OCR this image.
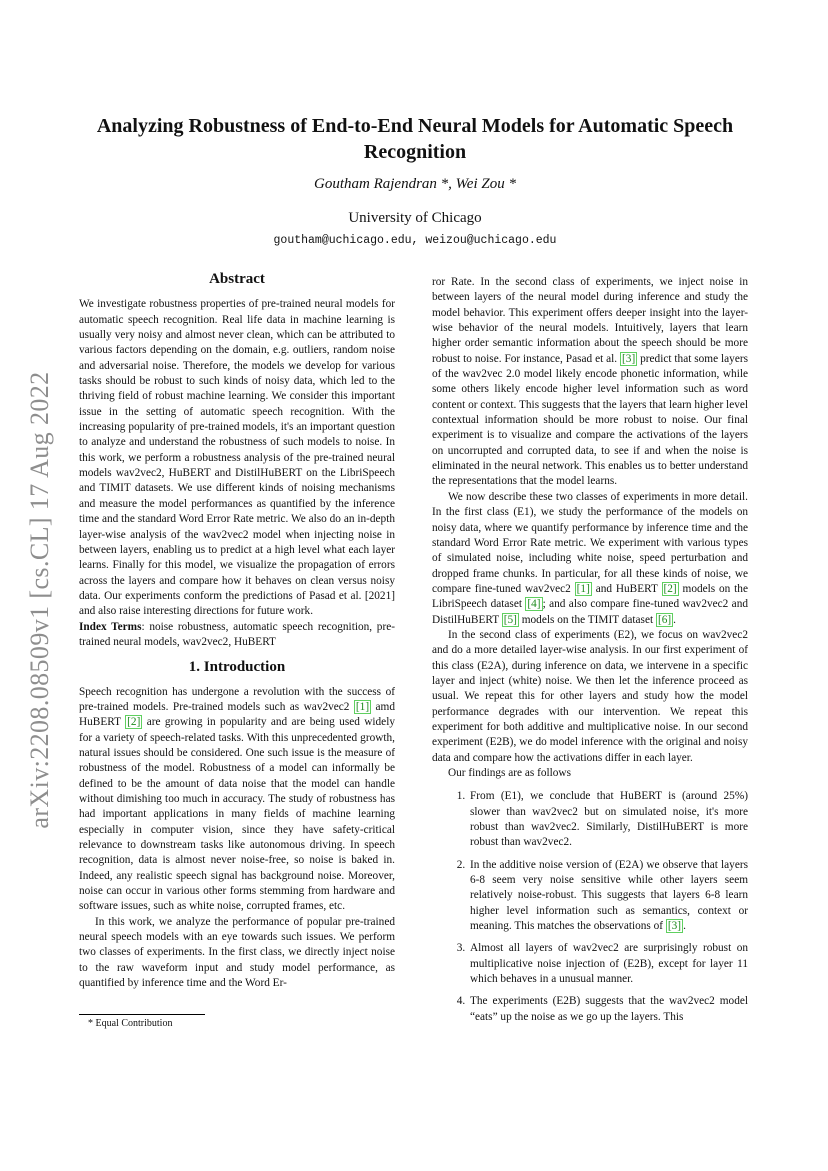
arXiv:2208.08509v1 [cs.CL] 17 Aug 2022
Analyzing Robustness of End-to-End Neural Models for Automatic Speech Recognition
Goutham Rajendran *, Wei Zou *
University of Chicago
goutham@uchicago.edu, weizou@uchicago.edu
Abstract

We investigate robustness properties of pre-trained neural models for automatic speech recognition. Real life data in machine learning is usually very noisy and almost never clean, which can be attributed to various factors depending on the domain, e.g. outliers, random noise and adversarial noise. Therefore, the models we develop for various tasks should be robust to such kinds of noisy data, which led to the thriving field of robust machine learning. We consider this important issue in the setting of automatic speech recognition. With the increasing popularity of pre-trained models, it's an important question to analyze and understand the robustness of such models to noise. In this work, we perform a robustness analysis of the pre-trained neural models wav2vec2, HuBERT and DistilHuBERT on the LibriSpeech and TIMIT datasets. We use different kinds of noising mechanisms and measure the model performances as quantified by the inference time and the standard Word Error Rate metric. We also do an in-depth layer-wise analysis of the wav2vec2 model when injecting noise in between layers, enabling us to predict at a high level what each layer learns. Finally for this model, we visualize the propagation of errors across the layers and compare how it behaves on clean versus noisy data. Our experiments conform the predictions of Pasad et al. [2021] and also raise interesting directions for future work.

Index Terms: noise robustness, automatic speech recognition, pre-trained neural models, wav2vec2, HuBERT

1. Introduction

Speech recognition has undergone a revolution with the success of pre-trained models. Pre-trained models such as wav2vec2 [1] amd HuBERT [2] are growing in popularity and are being used widely for a variety of speech-related tasks. With this unprecedented growth, natural issues should be considered. One such issue is the measure of robustness of the model. Robustness of a model can informally be defined to be the amount of data noise that the model can handle without dimishing too much in accuracy. The study of robustness has had important applications in many fields of machine learning especially in computer vision, since they have safety-critical relevance to downstream tasks like autonomous driving. In speech recognition, data is almost never noise-free, so noise is baked in. Indeed, any realistic speech signal has background noise. Moreover, noise can occur in various other forms stemming from hardware and software issues, such as white noise, corrupted frames, etc.

In this work, we analyze the performance of popular pre-trained neural speech models with an eye towards such issues. We perform two classes of experiments. In the first class, we directly inject noise to the raw waveform input and study model performance, as quantified by inference time and the Word Er-

* Equal Contribution

ror Rate. In the second class of experiments, we inject noise in between layers of the neural model during inference and study the model behavior. This experiment offers deeper insight into the layer-wise behavior of the neural models. Intuitively, layers that learn higher order semantic information about the speech should be more robust to noise. For instance, Pasad et al. [3] predict that some layers of the wav2vec 2.0 model likely encode phonetic information, while some others likely encode higher level information such as word content or context. This suggests that the layers that learn higher level contextual information should be more robust to noise. Our final experiment is to visualize and compare the activations of the layers on uncorrupted and corrupted data, to see if and when the noise is eliminated in the neural network. This enables us to better understand the representations that the model learns.

We now describe these two classes of experiments in more detail. In the first class (E1), we study the performance of the models on noisy data, where we quantify performance by inference time and the standard Word Error Rate metric. We experiment with various types of simulated noise, including white noise, speed perturbation and dropped frame chunks. In particular, for all these kinds of noise, we compare fine-tuned wav2vec2 [1] and HuBERT [2] models on the LibriSpeech dataset [4] ; and also compare fine-tuned wav2vec2 and DistilHuBERT [5] models on the TIMIT dataset [6] .

In the second class of experiments (E2), we focus on wav2vec2 and do a more detailed layer-wise analysis. In our first experiment of this class (E2A), during inference on data, we intervene in a specific layer and inject (white) noise. We then let the inference proceed as usual. We repeat this for other layers and study how the model performance degrades with our intervention. We repeat this experiment for both additive and multiplicative noise. In our second experiment (E2B), we do model inference with the original and noisy data and compare how the activations differ in each layer.

Our findings are as follows

1. From (E1), we conclude that HuBERT is (around 25%) slower than wav2vec2 but on simulated noise, it's more robust than wav2vec2. Similarly, DistilHuBERT is more robust than wav2vec2.
2. In the additive noise version of (E2A) we observe that layers 6-8 seem very noise sensitive while other layers seem relatively noise-robust. This suggests that layers 6-8 learn higher level information such as semantics, context or meaning. This matches the observations of [3] .
3. Almost all layers of wav2vec2 are surprisingly robust on multiplicative noise injection of (E2B), except for layer 11 which behaves in a unusual manner.
4. The experiments (E2B) suggests that the wav2vec2 model “eats” up the noise as we go up the layers. This
